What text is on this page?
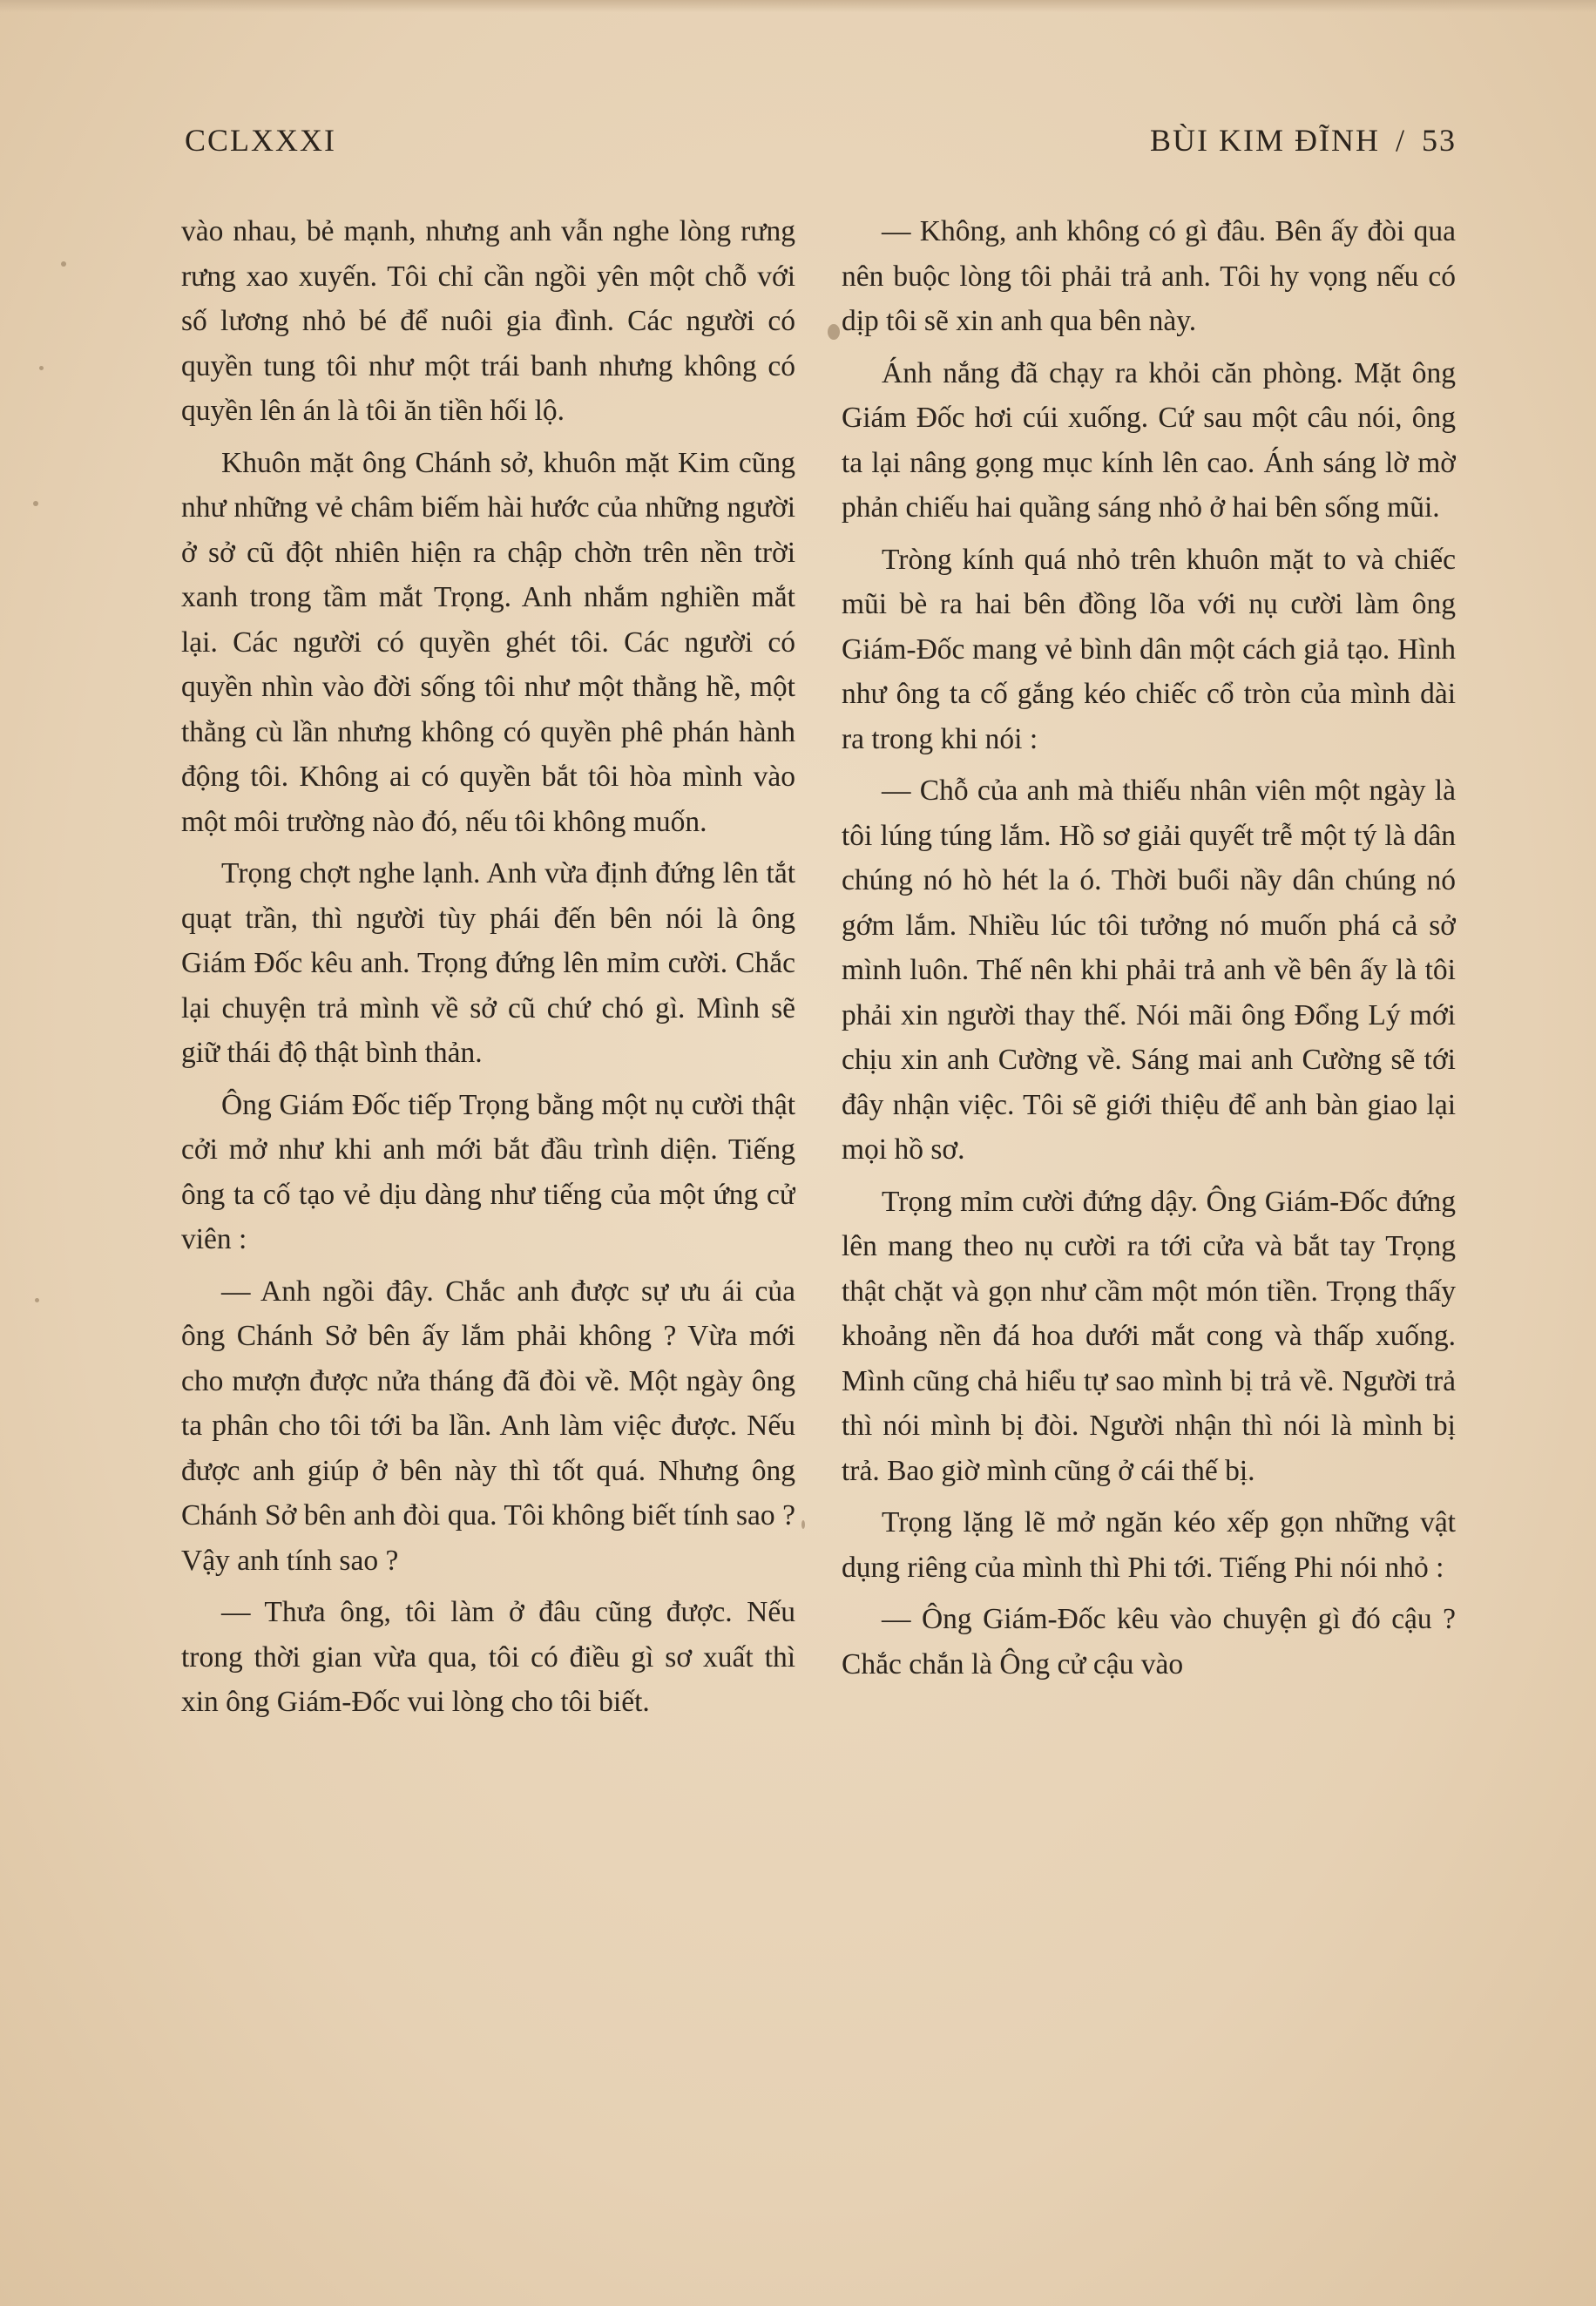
CCLXXXI	BÙI KIM ĐĨNH / 53

vào nhau, bẻ mạnh, nhưng anh vẫn nghe lòng rưng rưng xao xuyến. Tôi chỉ cần ngồi yên một chỗ với số lương nhỏ bé để nuôi gia đình. Các người có quyền tung tôi như một trái banh nhưng không có quyền lên án là tôi ăn tiền hối lộ.

Khuôn mặt ông Chánh sở, khuôn mặt Kim cũng như những vẻ châm biếm hài hước của những người ở sở cũ đột nhiên hiện ra chập chờn trên nền trời xanh trong tầm mắt Trọng. Anh nhắm nghiền mắt lại. Các người có quyền ghét tôi. Các người có quyền nhìn vào đời sống tôi như một thằng hề, một thằng cù lần nhưng không có quyền phê phán hành động tôi. Không ai có quyền bắt tôi hòa mình vào một môi trường nào đó, nếu tôi không muốn.

Trọng chợt nghe lạnh. Anh vừa định đứng lên tắt quạt trần, thì người tùy phái đến bên nói là ông Giám Đốc kêu anh. Trọng đứng lên mỉm cười. Chắc lại chuyện trả mình về sở cũ chứ chó gì. Mình sẽ giữ thái độ thật bình thản.

Ông Giám Đốc tiếp Trọng bằng một nụ cười thật cởi mở như khi anh mới bắt đầu trình diện. Tiếng ông ta cố tạo vẻ dịu dàng như tiếng của một ứng cử viên :

— Anh ngồi đây. Chắc anh được sự ưu ái của ông Chánh Sở bên ấy lắm phải không ? Vừa mới cho mượn được nửa tháng đã đòi về. Một ngày ông ta phân cho tôi tới ba lần. Anh làm việc được. Nếu được anh giúp ở bên này thì tốt quá. Nhưng ông Chánh Sở bên anh đòi qua. Tôi không biết tính sao ? Vậy anh tính sao ?

— Thưa ông, tôi làm ở đâu cũng được. Nếu trong thời gian vừa qua, tôi có điều gì sơ xuất thì xin ông Giám-Đốc vui lòng cho tôi biết.

— Không, anh không có gì đâu. Bên ấy đòi qua nên buộc lòng tôi phải trả anh. Tôi hy vọng nếu có dịp tôi sẽ xin anh qua bên này.

Ánh nắng đã chạy ra khỏi căn phòng. Mặt ông Giám Đốc hơi cúi xuống. Cứ sau một câu nói, ông ta lại nâng gọng mục kính lên cao. Ánh sáng lờ mờ phản chiếu hai quầng sáng nhỏ ở hai bên sống mũi.

Tròng kính quá nhỏ trên khuôn mặt to và chiếc mũi bè ra hai bên đồng lõa với nụ cười làm ông Giám-Đốc mang vẻ bình dân một cách giả tạo. Hình như ông ta cố gắng kéo chiếc cổ tròn của mình dài ra trong khi nói :

— Chỗ của anh mà thiếu nhân viên một ngày là tôi lúng túng lắm. Hồ sơ giải quyết trễ một tý là dân chúng nó hò hét la ó. Thời buổi nầy dân chúng nó gớm lắm. Nhiều lúc tôi tưởng nó muốn phá cả sở mình luôn. Thế nên khi phải trả anh về bên ấy là tôi phải xin người thay thế. Nói mãi ông Đổng Lý mới chịu xin anh Cường về. Sáng mai anh Cường sẽ tới đây nhận việc. Tôi sẽ giới thiệu để anh bàn giao lại mọi hồ sơ.

Trọng mỉm cười đứng dậy. Ông Giám-Đốc đứng lên mang theo nụ cười ra tới cửa và bắt tay Trọng thật chặt và gọn như cầm một món tiền. Trọng thấy khoảng nền đá hoa dưới mắt cong và thấp xuống. Mình cũng chả hiểu tự sao mình bị trả về. Người trả thì nói mình bị đòi. Người nhận thì nói là mình bị trả. Bao giờ mình cũng ở cái thế bị.

Trọng lặng lẽ mở ngăn kéo xếp gọn những vật dụng riêng của mình thì Phi tới. Tiếng Phi nói nhỏ :

— Ông Giám-Đốc kêu vào chuyện gì đó cậu ? Chắc chắn là Ông cử cậu vào
